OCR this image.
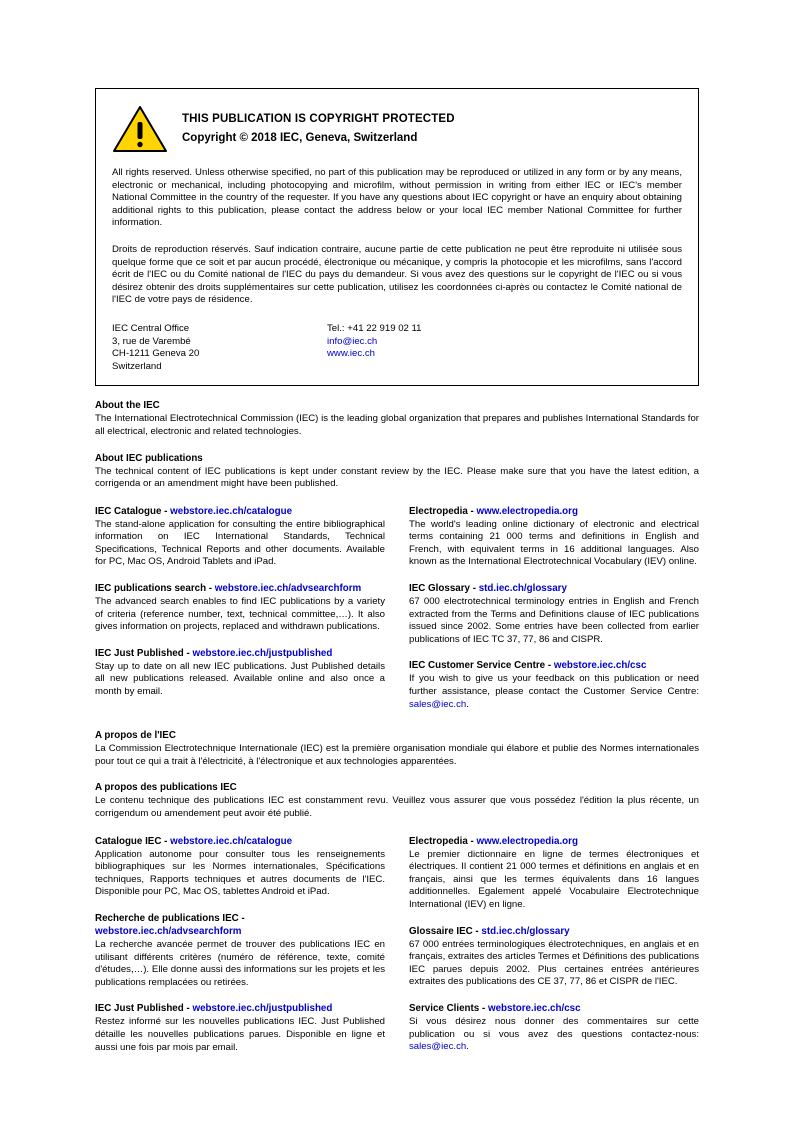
THIS PUBLICATION IS COPYRIGHT PROTECTED
Copyright © 2018 IEC, Geneva, Switzerland
All rights reserved. Unless otherwise specified, no part of this publication may be reproduced or utilized in any form or by any means, electronic or mechanical, including photocopying and microfilm, without permission in writing from either IEC or IEC's member National Committee in the country of the requester. If you have any questions about IEC copyright or have an enquiry about obtaining additional rights to this publication, please contact the address below or your local IEC member National Committee for further information.
Droits de reproduction réservés. Sauf indication contraire, aucune partie de cette publication ne peut être reproduite ni utilisée sous quelque forme que ce soit et par aucun procédé, électronique ou mécanique, y compris la photocopie et les microfilms, sans l'accord écrit de l'IEC ou du Comité national de l'IEC du pays du demandeur. Si vous avez des questions sur le copyright de l'IEC ou si vous désirez obtenir des droits supplémentaires sur cette publication, utilisez les coordonnées ci-après ou contactez le Comité national de l'IEC de votre pays de résidence.
IEC Central Office
3, rue de Varembé
CH-1211 Geneva 20
Switzerland
Tel.: +41 22 919 02 11
info@iec.ch
www.iec.ch
About the IEC

The International Electrotechnical Commission (IEC) is the leading global organization that prepares and publishes International Standards for all electrical, electronic and related technologies.

About IEC publications

The technical content of IEC publications is kept under constant review by the IEC. Please make sure that you have the latest edition, a corrigenda or an amendment might have been published.

IEC Catalogue - webstore.iec.ch/catalogue
The stand-alone application for consulting the entire bibliographical information on IEC International Standards, Technical Specifications, Technical Reports and other documents. Available for PC, Mac OS, Android Tablets and iPad.
IEC publications search - webstore.iec.ch/advsearchform
The advanced search enables to find IEC publications by a variety of criteria (reference number, text, technical committee,…). It also gives information on projects, replaced and withdrawn publications.
IEC Just Published - webstore.iec.ch/justpublished
Stay up to date on all new IEC publications. Just Published details all new publications released. Available online and also once a month by email.
Electropedia - www.electropedia.org
The world's leading online dictionary of electronic and electrical terms containing 21 000 terms and definitions in English and French, with equivalent terms in 16 additional languages. Also known as the International Electrotechnical Vocabulary (IEV) online.
IEC Glossary - std.iec.ch/glossary
67 000 electrotechnical terminology entries in English and French extracted from the Terms and Definitions clause of IEC publications issued since 2002. Some entries have been collected from earlier publications of IEC TC 37, 77, 86 and CISPR.
IEC Customer Service Centre - webstore.iec.ch/csc
If you wish to give us your feedback on this publication or need further assistance, please contact the Customer Service Centre: sales@iec.ch.
A propos de l'IEC

La Commission Electrotechnique Internationale (IEC) est la première organisation mondiale qui élabore et publie des Normes internationales pour tout ce qui a trait à l'électricité, à l'électronique et aux technologies apparentées.

A propos des publications IEC

Le contenu technique des publications IEC est constamment revu. Veuillez vous assurer que vous possédez l'édition la plus récente, un corrigendum ou amendement peut avoir été publié.

Catalogue IEC - webstore.iec.ch/catalogue
Application autonome pour consulter tous les renseignements bibliographiques sur les Normes internationales, Spécifications techniques, Rapports techniques et autres documents de l'IEC. Disponible pour PC, Mac OS, tablettes Android et iPad.
Recherche de publications IEC -
webstore.iec.ch/advsearchform
La recherche avancée permet de trouver des publications IEC en utilisant différents critères (numéro de référence, texte, comité d'études,…). Elle donne aussi des informations sur les projets et les publications remplacées ou retirées.
IEC Just Published - webstore.iec.ch/justpublished
Restez informé sur les nouvelles publications IEC. Just Published détaille les nouvelles publications parues. Disponible en ligne et aussi une fois par mois par email.
Electropedia - www.electropedia.org
Le premier dictionnaire en ligne de termes électroniques et électriques. Il contient 21 000 termes et définitions en anglais et en français, ainsi que les termes équivalents dans 16 langues additionnelles. Egalement appelé Vocabulaire Electrotechnique International (IEV) en ligne.
Glossaire IEC - std.iec.ch/glossary
67 000 entrées terminologiques électrotechniques, en anglais et en français, extraites des articles Termes et Définitions des publications IEC parues depuis 2002. Plus certaines entrées antérieures extraites des publications des CE 37, 77, 86 et CISPR de l'IEC.
Service Clients - webstore.iec.ch/csc
Si vous désirez nous donner des commentaires sur cette publication ou si vous avez des questions contactez-nous: sales@iec.ch.
